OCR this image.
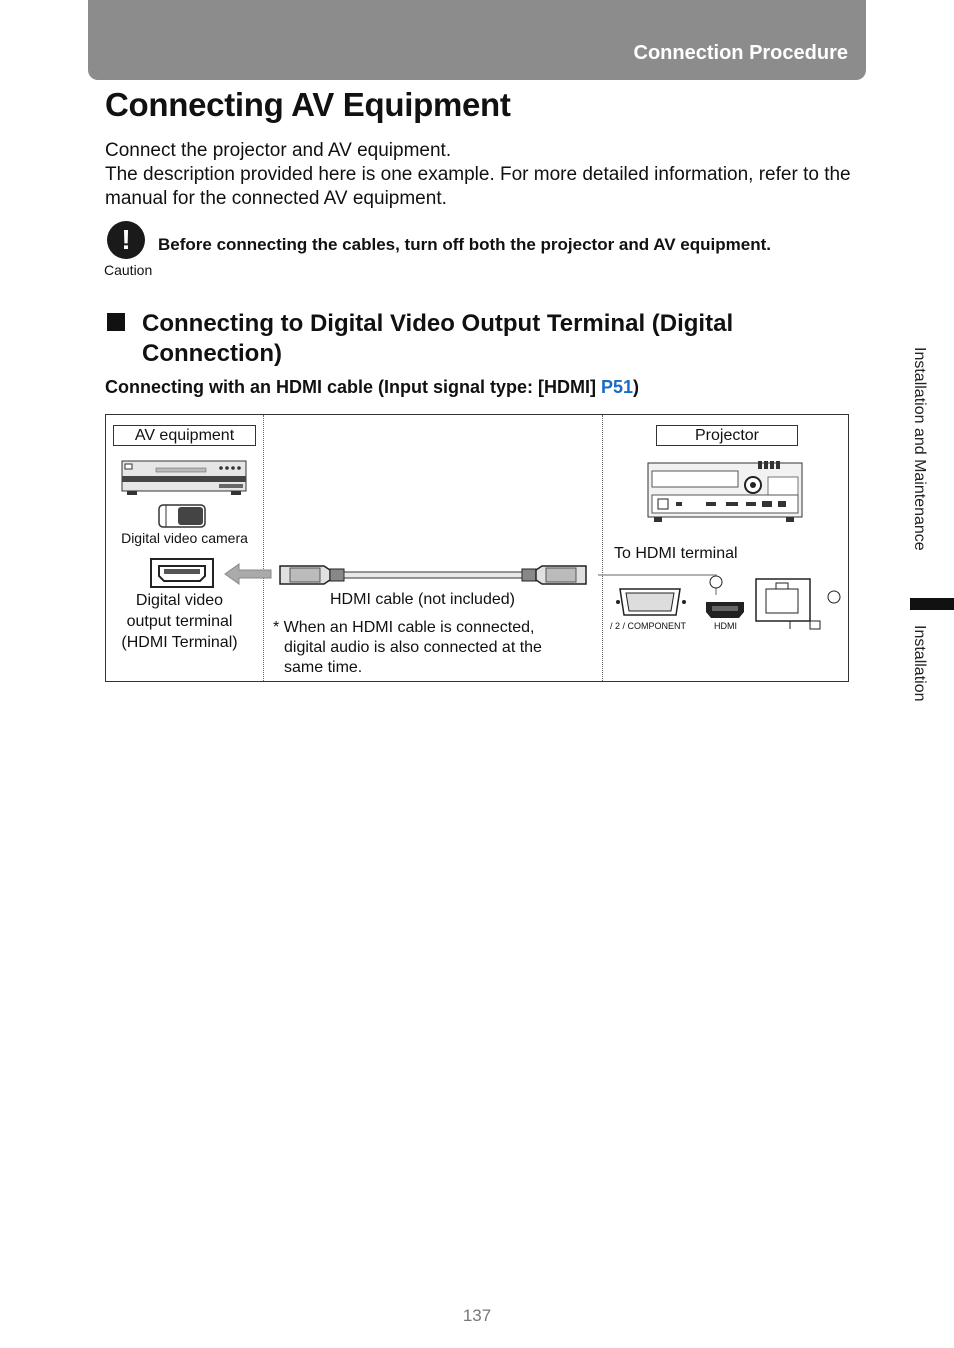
Connection Procedure
Connecting AV Equipment

Connect the projector and AV equipment.

The description provided here is one example. For more detailed information, refer to the manual for the connected AV equipment.

!
Caution
Before connecting the cables, turn off both the projector and AV equipment.
Connecting to Digital Video Output Terminal (Digital Connection)
Connecting with an HDMI cable (Input signal type: [HDMI] P51)
AV equipment	Projector
Digital video camera
Digital video
output terminal
(HDMI Terminal)
HDMI cable (not included)
* When an HDMI cable is connected,
digital audio is also connected at the
same time.
To HDMI terminal
/ 2 / COMPONENT	HDMI
Installation and Maintenance
Installation
137
